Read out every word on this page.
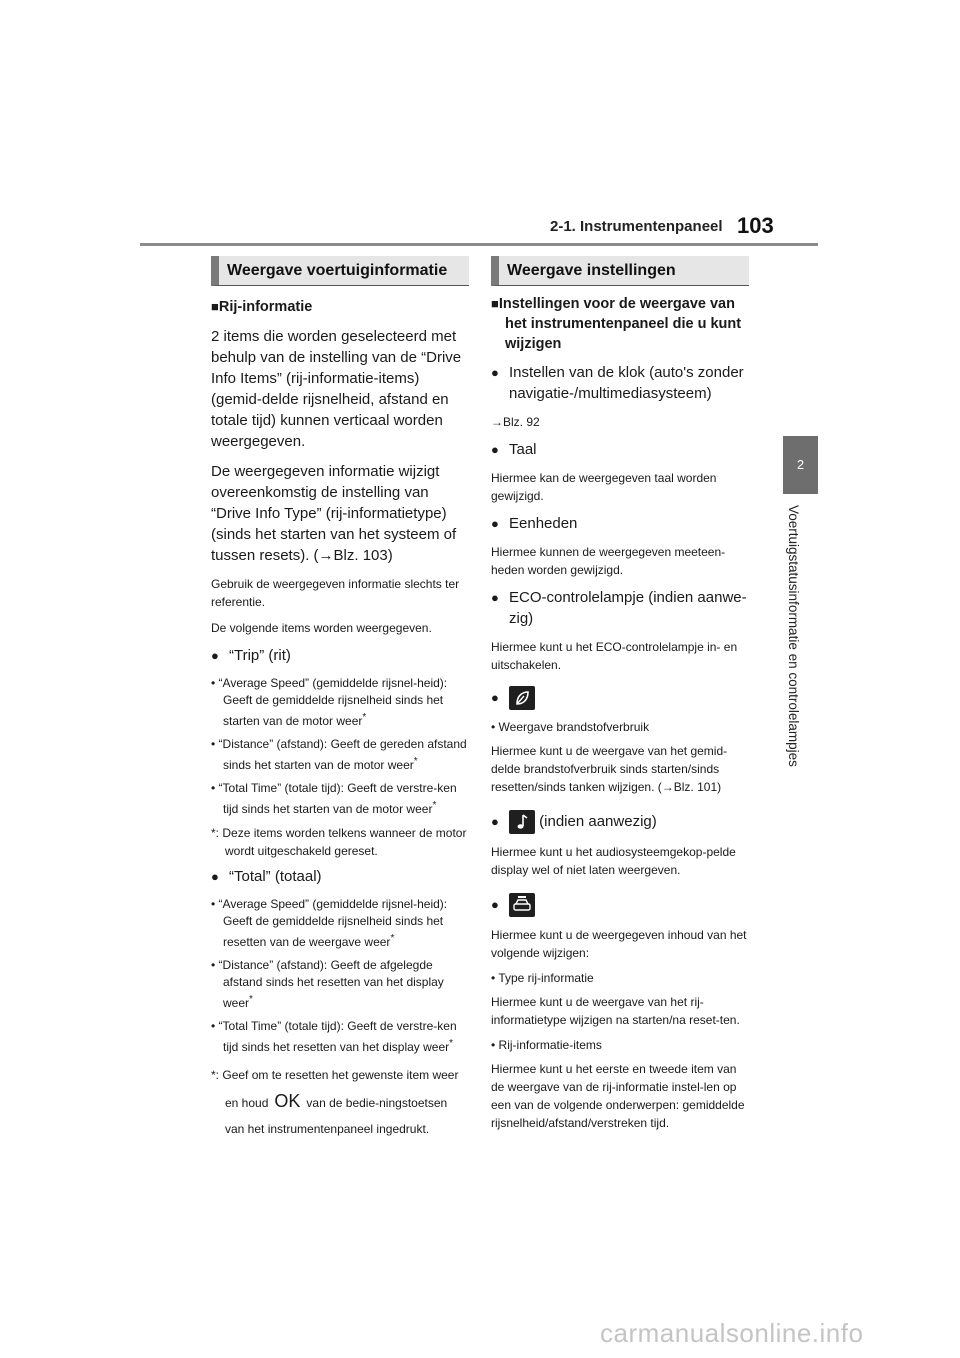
2-1. Instrumentenpaneel 103
2
Voertuigstatusinformatie en controlelampjes
Weergave voertuiginformatie

■Rij-informatie

2 items die worden geselecteerd met behulp van de instelling van de “Drive Info Items” (rij-informatie-items) (gemid-delde rijsnelheid, afstand en totale tijd) kunnen verticaal worden weergegeven.

De weergegeven informatie wijzigt overeenkomstig de instelling van “Drive Info Type” (rij-informatietype) (sinds het starten van het systeem of tussen resets). (→Blz. 103)

Gebruik de weergegeven informatie slechts ter referentie.

De volgende items worden weergegeven.

● “Trip” (rit)

• “Average Speed” (gemiddelde rijsnel-heid): Geeft de gemiddelde rijsnelheid sinds het starten van de motor weer*

• “Distance” (afstand): Geeft de gereden afstand sinds het starten van de motor weer*

• “Total Time” (totale tijd): Geeft de verstre-ken tijd sinds het starten van de motor weer*

*: Deze items worden telkens wanneer de motor wordt uitgeschakeld gereset.

● “Total” (totaal)

• “Average Speed” (gemiddelde rijsnel-heid): Geeft de gemiddelde rijsnelheid sinds het resetten van de weergave weer*

• “Distance” (afstand): Geeft de afgelegde afstand sinds het resetten van het display weer*

• “Total Time” (totale tijd): Geeft de verstre-ken tijd sinds het resetten van het display weer*

*: Geef om te resetten het gewenste item weer en houd OK van de bedie-ningstoetsen van het instrumentenpaneel ingedrukt.

Weergave instellingen

■Instellingen voor de weergave van het instrumentenpaneel die u kunt wijzigen

● Instellen van de klok (auto's zonder navigatie-/multimediasysteem)

→Blz. 92

● Taal

Hiermee kan de weergegeven taal worden gewijzigd.

● Eenheden

Hiermee kunnen de weergegeven meeteen-heden worden gewijzigd.

● ECO-controlelampje (indien aanwe-zig)

Hiermee kunt u het ECO-controlelampje in- en uitschakelen.

●

• Weergave brandstofverbruik

Hiermee kunt u de weergave van het gemid-delde brandstofverbruik sinds starten/sinds resetten/sinds tanken wijzigen. (→Blz. 101)

●	(indien aanwezig)

Hiermee kunt u het audiosysteemgekop-pelde display wel of niet laten weergeven.

●

Hiermee kunt u de weergegeven inhoud van het volgende wijzigen:

• Type rij-informatie

Hiermee kunt u de weergave van het rij-informatietype wijzigen na starten/na reset-ten.

• Rij-informatie-items

Hiermee kunt u het eerste en tweede item van de weergave van de rij-informatie instel-len op een van de volgende onderwerpen: gemiddelde rijsnelheid/afstand/verstreken tijd.

carmanualsonline.info
